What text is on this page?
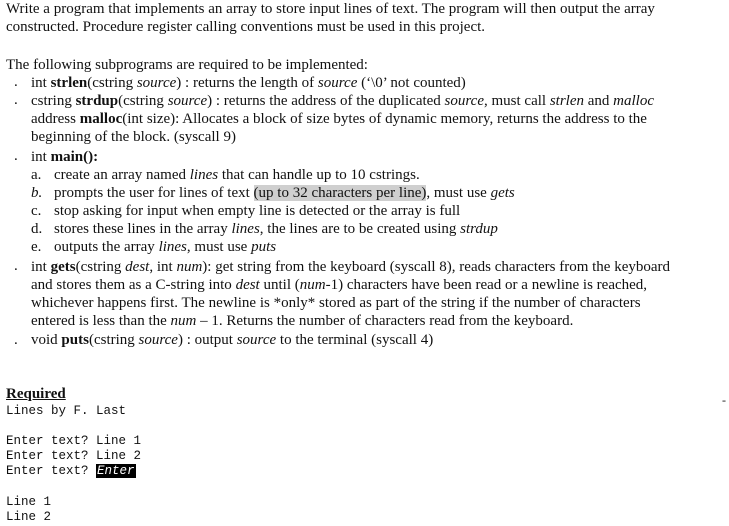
Write a program that implements an array to store input lines of text. The program will then output the array
constructed. Procedure register calling conventions must be used in this project.
The following subprograms are required to be implemented:
. int strlen(cstring source) : returns the length of source (‘\0’ not counted)
. cstring strdup(cstring source) : returns the address of the duplicated source, must call strlen and malloc
address malloc(int size): Allocates a block of size bytes of dynamic memory, returns the address to the
beginning of the block. (syscall 9)
. int main():
a. create an array named lines that can handle up to 10 cstrings.
b. prompts the user for lines of text (up to 32 characters per line), must use gets
c. stop asking for input when empty line is detected or the array is full
d. stores these lines in the array lines, the lines are to be created using strdup
e. outputs the array lines, must use puts
. int gets(cstring dest, int num): get string from the keyboard (syscall 8), reads characters from the keyboard
and stores them as a C-string into dest until (num-1) characters have been read or a newline is reached,
whichever happens first. The newline is *only* stored as part of the string if the number of characters
entered is less than the num – 1. Returns the number of characters read from the keyboard.
. void puts(cstring source) : output source to the terminal (syscall 4)
Required
Lines by F. Last
Enter text? Line 1
Enter text? Line 2
Enter text? Enter
Line 1
Line 2
-
